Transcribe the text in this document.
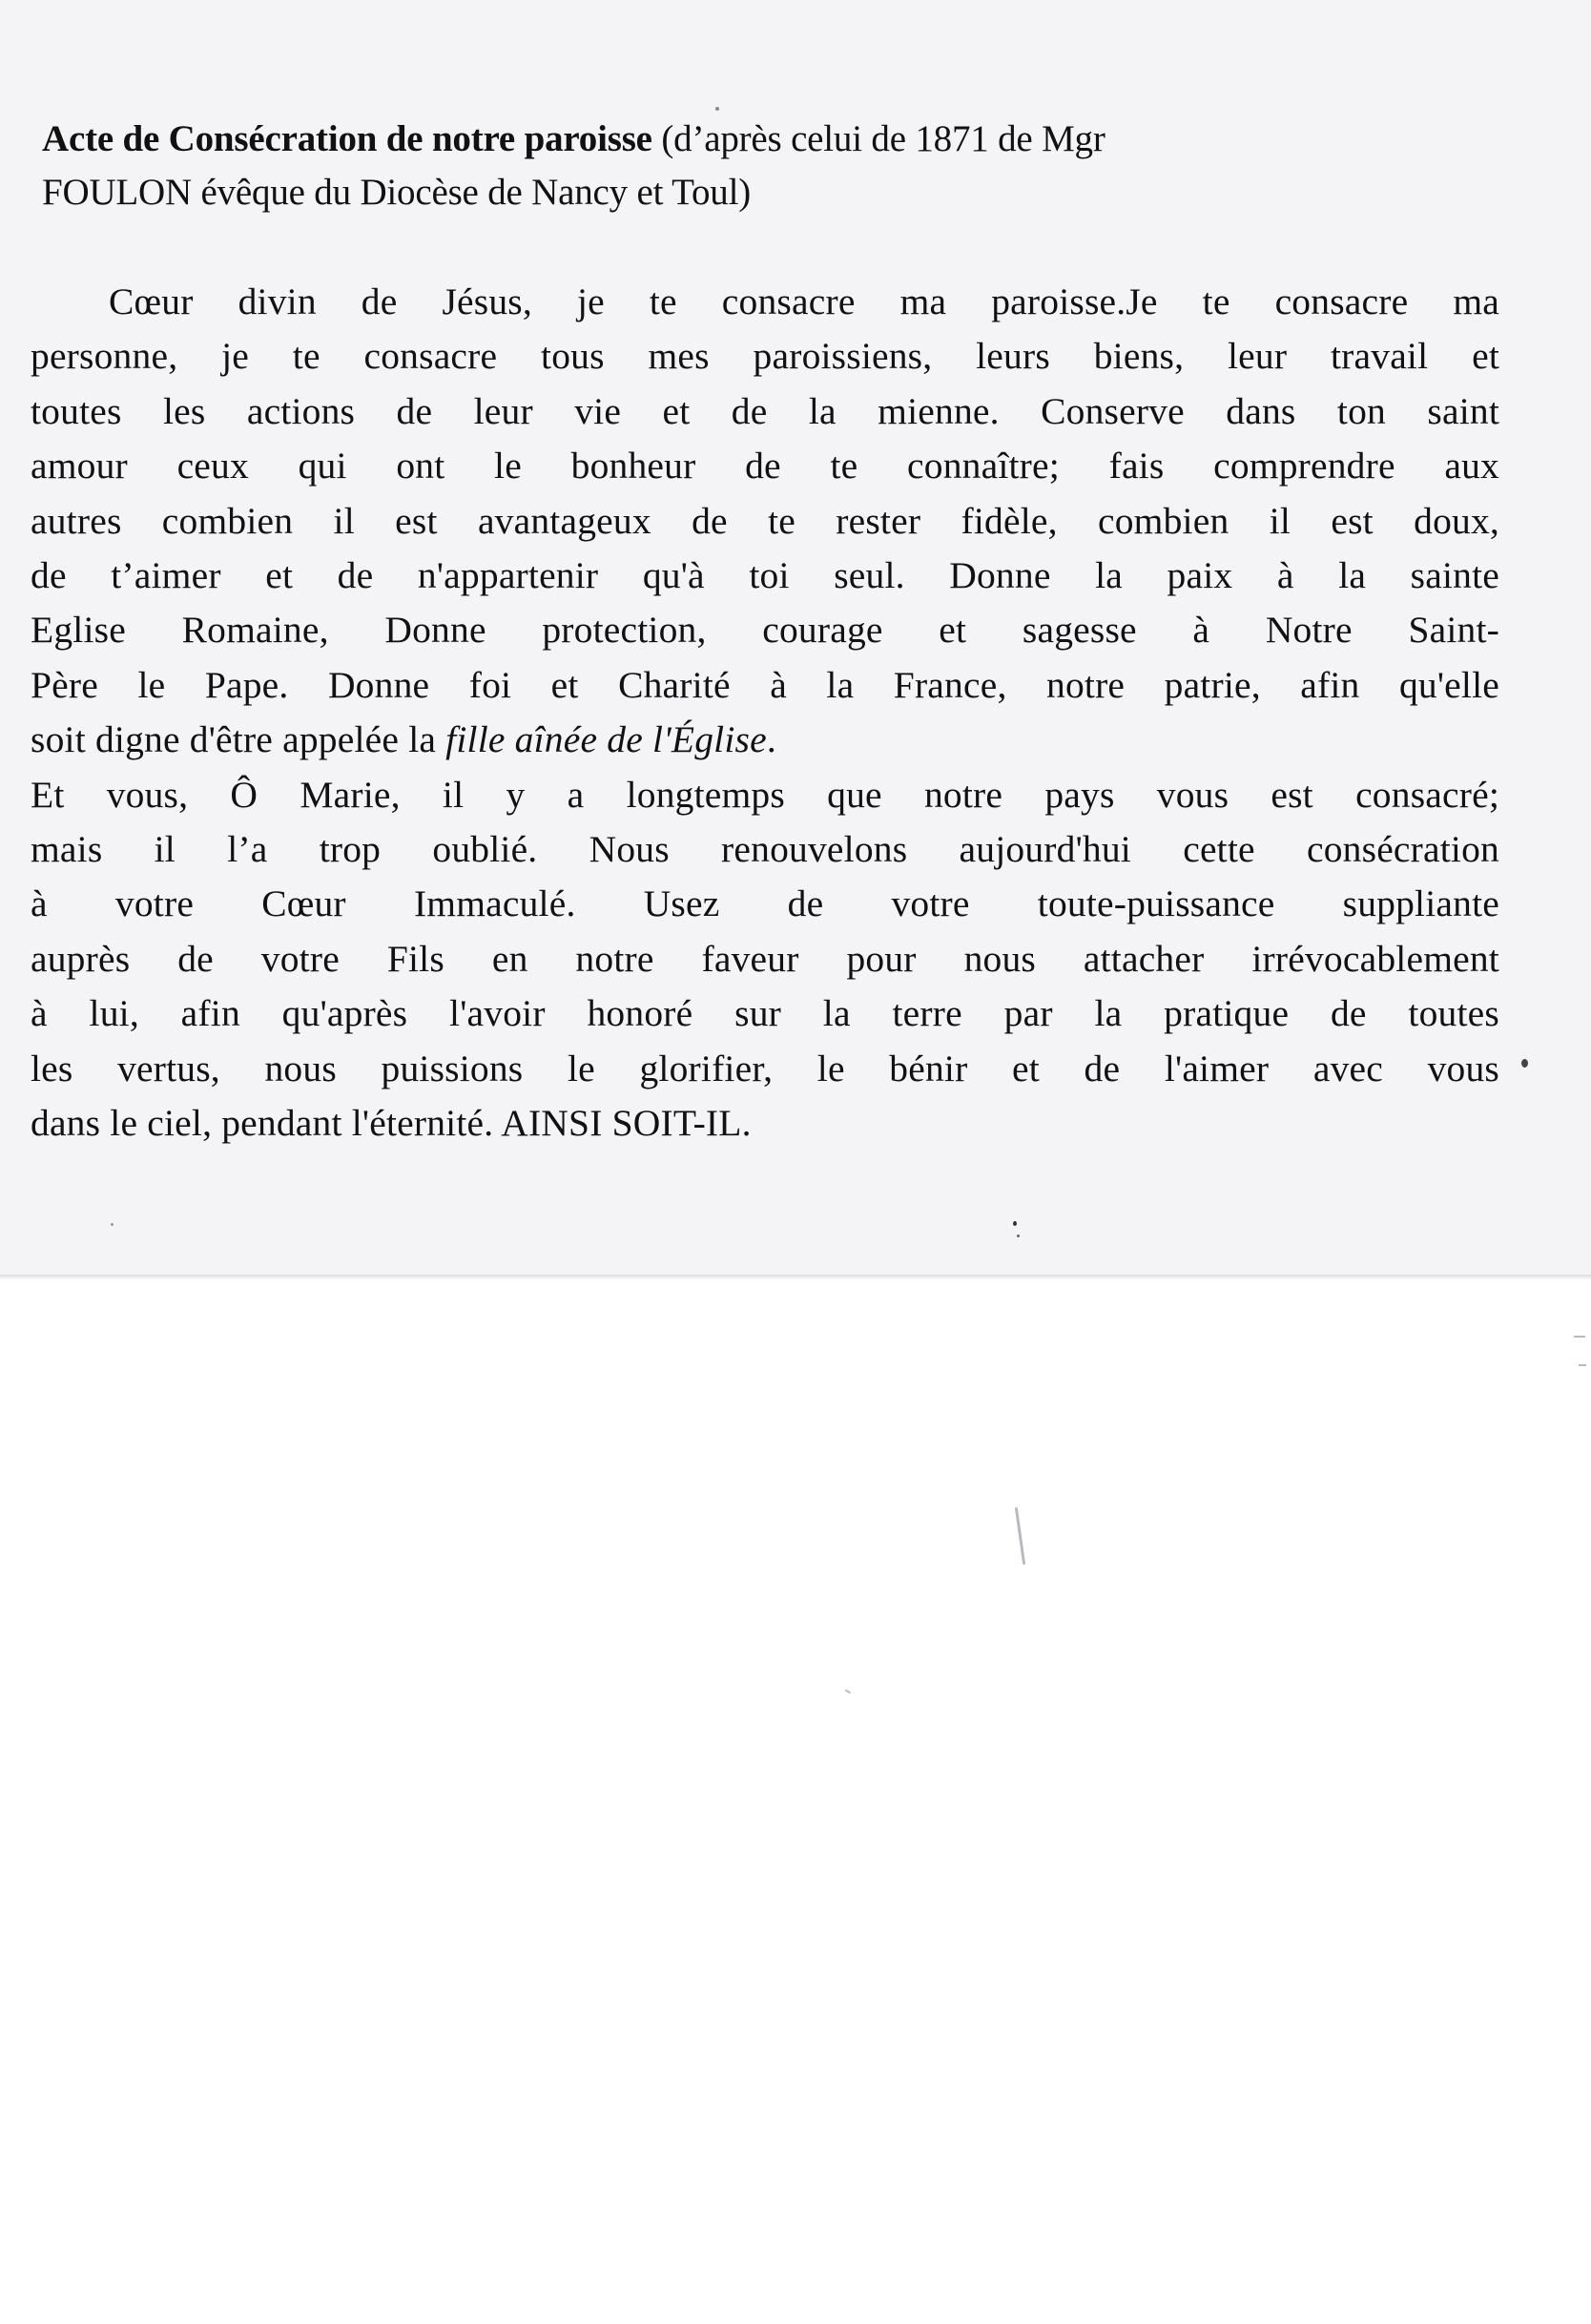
Acte de Consécration de notre paroisse (d’après celui de 1871 de Mgr
FOULON évêque du Diocèse de Nancy et Toul)
Cœur divin de Jésus, je te consacre ma paroisse.Je te consacre ma
personne, je te consacre tous mes paroissiens, leurs biens, leur travail et
toutes les actions de leur vie et de la mienne. Conserve dans ton saint
amour ceux qui ont le bonheur de te connaître; fais comprendre aux
autres combien il est avantageux de te rester fidèle, combien il est doux,
de t’aimer et de n'appartenir qu'à toi seul. Donne la paix à la sainte
Eglise Romaine, Donne protection, courage et sagesse à Notre Saint-
Père le Pape. Donne foi et Charité à la France, notre patrie, afin qu'elle
soit digne d'être appelée la fille aînée de l'Église.
Et vous, Ô Marie, il y a longtemps que notre pays vous est consacré;
mais il l’a trop oublié. Nous renouvelons aujourd'hui cette consécration
à votre Cœur Immaculé. Usez de votre toute-puissance suppliante
auprès de votre Fils en notre faveur pour nous attacher irrévocablement
à lui, afin qu'après l'avoir honoré sur la terre par la pratique de toutes
les vertus, nous puissions le glorifier, le bénir et de l'aimer avec vous
dans le ciel, pendant l'éternité. AINSI SOIT-IL.
